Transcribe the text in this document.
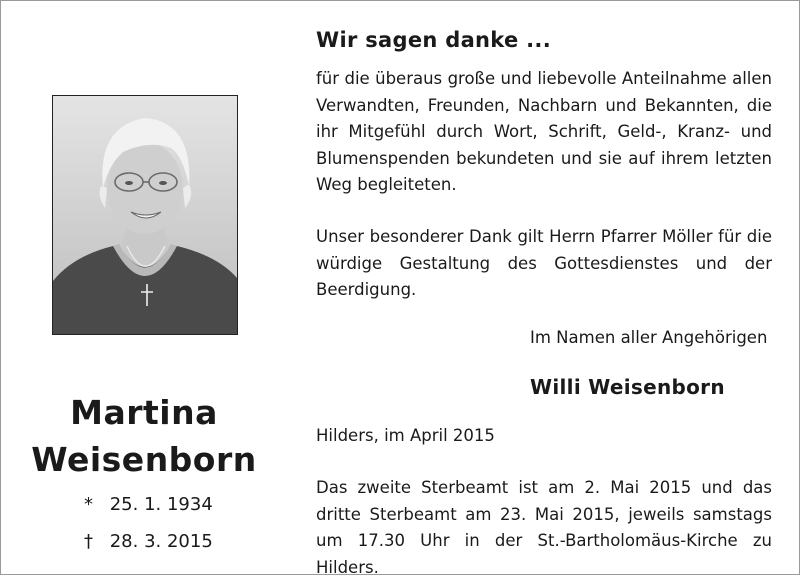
Martina
Weisenborn
* 25. 1. 1934
† 28. 3. 2015
Wir sagen danke ...
für die überaus große und liebevolle Anteilnahme allen Verwandten, Freunden, Nachbarn und Bekannten, die ihr Mitgefühl durch Wort, Schrift, Geld-, Kranz- und Blumenspenden bekundeten und sie auf ihrem letzten Weg begleiteten.
Unser besonderer Dank gilt Herrn Pfarrer Möller für die würdige Gestaltung des Gottesdienstes und der Beerdigung.
Im Namen aller Angehörigen
Willi Weisenborn
Hilders, im April 2015
Das zweite Sterbeamt ist am 2. Mai 2015 und das dritte Sterbeamt am 23. Mai 2015, jeweils samstags um 17.30 Uhr in der St.-Bartholomäus-Kirche zu Hilders.
